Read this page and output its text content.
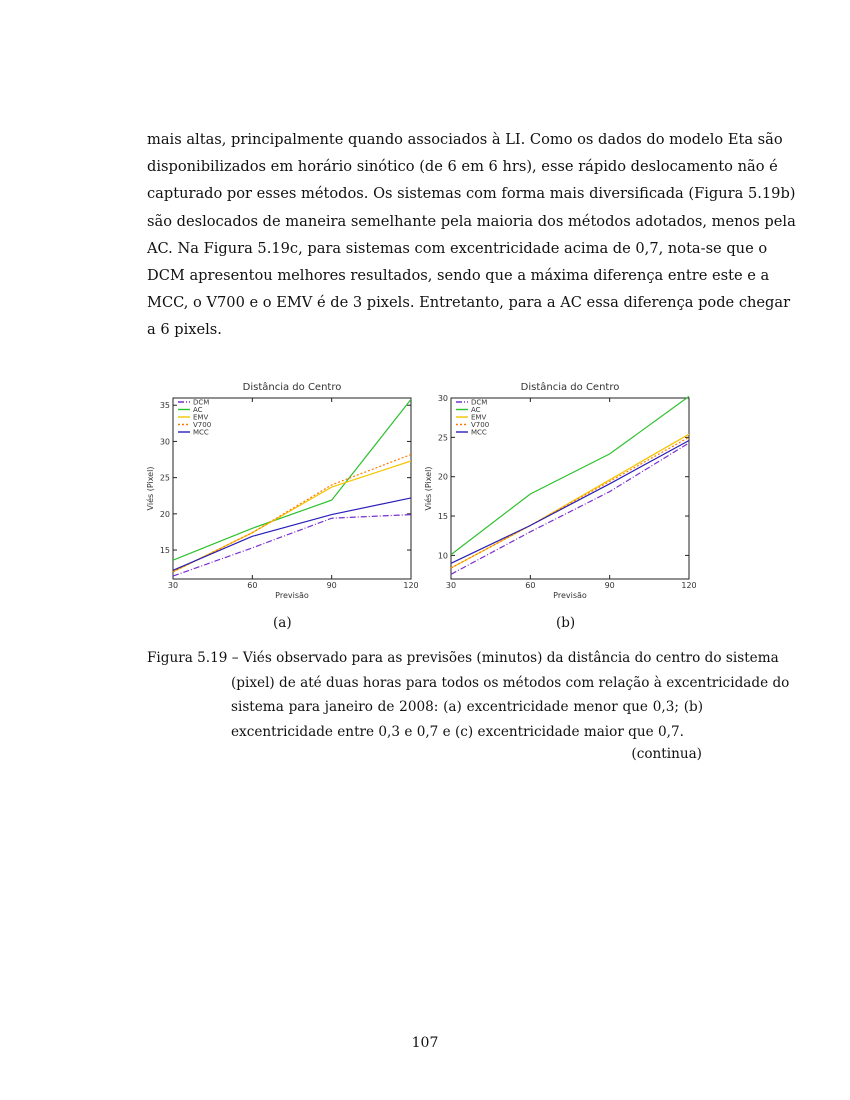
mais altas, principalmente quando associados à LI. Como os dados do modelo Eta são
disponibilizados em horário sinótico (de 6 em 6 hrs), esse rápido deslocamento não é
capturado por esses métodos. Os sistemas com forma mais diversificada (Figura 5.19b)
são deslocados de maneira semelhante pela maioria dos métodos adotados, menos pela
AC. Na Figura 5.19c, para sistemas com excentricidade acima de 0,7, nota-se que o
DCM apresentou melhores resultados, sendo que a máxima diferença entre este e a
MCC, o V700 e o EMV é de 3 pixels. Entretanto, para a AC essa diferença pode chegar
a 6 pixels.
Distância do Centro
30	60	90	120
15
20
25
30
35
Previsão
Viés (Pixel)
DCM
AC
EMV
V700
MCC
Distância do Centro
30	60	90	120
10
15
20
25
30
Previsão
Viés (Pixel)
DCM
AC
EMV
V700
MCC
(a)	(b)
Figura 5.19 – Viés observado para as previsões (minutos) da distância do centro do sistema
(pixel) de até duas horas para todos os métodos com relação à excentricidade do
sistema para janeiro de 2008: (a) excentricidade menor que 0,3; (b)
excentricidade entre 0,3 e 0,7 e (c) excentricidade maior que 0,7.
(continua)
107
